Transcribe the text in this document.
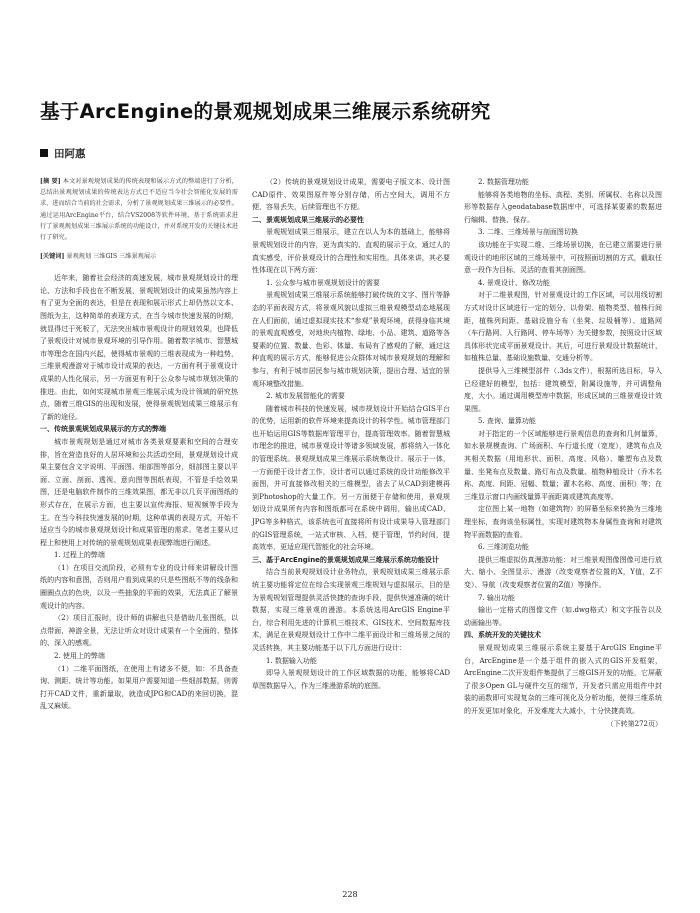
基于ArcEngine的景观规划成果三维展示系统研究
田阿惠

[摘 要] 本文对景观规划成果的传统表现和展示方式的弊端进行了分析，总结出景观规划成果的传统表达方式已不适应当今社会智能化发展的需求，进而结合当前的社会需求，分析了景观规划成果三维展示的必要性。通过运用ArcEngine平台，结合VS2008等软件环境，基于系统需求进行了景观规划成果三维展示系统的功能设计，并对系统开发的关键技术进行了研究。

[关键词] 景观规划 三维GIS 三维景观展示

近年来，随着社会经济的高速发展，城市景观规划设计的理论、方法和手段也在不断发展，景观规划设计的成果虽然内容上有了更为全面的表达，但是在表现和展示形式上却仍然以文本、图纸为主，这种简单的表现方式，在当今城市快速发展的时期，就显得过于死板了，无法突出城市景观设计的规划效果，也降低了景观设计对城市景观环境的引导作用。随着数字城市、智慧城市等理念在国内兴起，使得城市景观的三维表现成为一种趋势，三维景观漫游对于城市设计成果的表达，一方面有利于景观设计成果的人性化展示，另一方面更有利于公众参与城市规划决策的推进。由此，如何实现城市景观三维展示成为设计领域的研究热点，随着三维GIS的出现和发展，使得景观规划成果三维展示有了新的途径。

一、传统景观规划成果展示的方式的弊端

城市景观规划是通过对城市各类景观要素和空间的合理安排，旨在营造良好的人居环境和公共活动空间，景观规划设计成果主要包含文字说明、平面图、细部图等部分，细部图主要以平面、立面、剖面、透视、意向图等图纸表现，不管是手绘效果图，还是电脑软件制作的三维效果图，都无非以几页平面图纸的形式存在，在展示方面，也主要以宣传海报、短视频等手段为主。在当今科技快速发展的时期，这种单调的表现方式，开始不适应当今的城市景观规划设计和成果管理的需求。笔者主要从过程上和使用上对传统的景观规划成果表现弊端进行阐述。

1. 过程上的弊端

（1）在项目交流阶段，必须有专业的设计师来讲解设计图纸的内容和意图，否则用户看到成果的只是些图纸不等的线条和圈圈点点的色块，以及一些抽象的平面的效果，无法真正了解景观设计的内容。

（2）项目汇报时，设计师的讲解也只是借助几张图纸，以点带面，神游全景，无法让听众对设计成果有一个全面的、整体的、深入的感观。

2. 使用上的弊端

（1）二维平面图纸，在使用上有诸多不便，如：不具备查询、测距、统计等功能。如果用户需要知道一些细部数据，则需打开CAD文件，重新量取，就造成JPG和CAD的来回切换，混乱又麻烦。

（2）传统的景观规划设计成果，需要电子版文本、设计图CAD原件、效果图原件等分别存储，所占空间大，调用不方便，容易丢失，后续管理也不方便。

二、景观规划成果三维展示的必要性

景观规划成果三维展示，建立在以人为本的基础上，能够将景观规划设计的内容，更为真实的、直观的展示于众，通过人的真实感受，评价景观设计的合理性和实用性。具体来讲，其必要性体现在以下两方面：

1. 公众参与城市景观规划设计的需要

景观规划成果三维展示系统能够打破传统的文字、图片等静态的平面表现方式，将景观风貌以虚拟三维景观模型动态地展现在人们面前，通过虚拟现实技术“参观”景观环境，获得身临其境的景观直观感受，对地块内植物、绿地、小品、建筑、道路等各要素的位置、数量、色彩、体量、布局有了感观的了解，通过这种直观的展示方式，能够促进公众群体对城市景观规划的理解和参与，有利于城市居民参与城市规划决策，提出合理、适宜的景观环境整改措施。

2. 城市发展智能化的需要

随着城市科技的快速发展，城市规划设计开始结合GIS平台的优势，运用新的软件环境来提高设计的科学性。城市管理部门也开始运用GIS等数据库管理平台，提高管理效率。随着智慧城市理念的推进，城市景观设计等诸多领域发展，都将纳入一体化的管理系统。景观规划成果三维展示系统集设计、展示于一体，一方面便于设计者工作，设计者可以通过系统的设计功能修改平面图，并可直接修改相关的三维模型，省去了从CAD到建模再到Photoshop的大量工作。另一方面便于存储和使用，景观规划设计成果所有内容和图纸都可在系统中调用，输出成CAD、JPG等多种格式，该系统也可直接将所有设计成果导入管理部门的GIS管理系统，一站式审核、入档，便于管理，节约时间，提高效率，更适应现代智能化的社会环境。

三、基于ArcEngine的景观规划成果三维展示系统功能设计

结合当前景观规划设计业务特点，景观规划成果三维展示系统主要功能将定位在综合实现景观三维规划与虚拟展示，目的是为景观规划管理提供灵活快捷的查询手段，提供快速准确的统计数据，实现三维景观的漫游。本系统选用ArcGIS Engine平台，综合利用先进的计算机三维技术、GIS技术、空间数据库技术，满足在景观规划设计工作中二维平面设计和三维场景之间的灵活转换，其主要功能基于以下几方面进行设计：

1. 数据输入功能

即导入景观规划设计的工作区域数据的功能，能够将CAD草图数据导入，作为三维漫游系统的底图。

2. 数据管理功能

能够将各类地物的坐标、高程、类别、所属权、名称以及图形等数据存入geodatabase数据库中，可选择某要素的数据进行编辑、替换、保存。

3. 二维、三维场景与剖面图切换

该功能在于实现二维、三维场景切换，在已建立需要进行景观设计的地形区域的三维场景中，可按照面切割的方式，截取任意一段作为目标，灵活的查看其剖面图。

4. 景观设计、修改功能

对于二维景观图，针对景观设计的工作区域，可以用线切割方式对设计区域进行一定的划分，以骨架、植物类型、植株行间距，植株列间距、基础设施分布（坐凳、垃圾桶等）、道路网（车行路网、人行路网、停车场等）为关键参数，按照设计区域具体形状完成平面景观设计。其后，可进行景观设计数据统计，如植株总量、基础设施数量、交通分析等。

提供导入三维模型部件（.3ds文件），根据所选目标，导入已经建好的模型，包括：建筑模型，附属设施等，并可调整角度，大小。通过调用模型库中数据，形成区域的三维景观设计效果图。

5. 查询、量算功能

对于指定的一个区域能够进行景观信息的查询和几何量算，如水景规模查询、广场面积、车行道长度（宽度），建筑布点及其相关数据（用地形状、面积、高度、风格）、雕塑布点及数量、坐凳布点及数量、路灯布点及数量、植物种植设计（乔木名称、高度、间距、冠幅、数量；灌木名称、高度、面积）等；在三维显示窗口内画线量算平面距离或建筑高度等。

定位图上某一地物（如建筑物）的屏幕坐标来转换为三维地理坐标，查询该坐标属性，实现对建筑物本身属性查询和对建筑物平面数据的查看。

6. 三维浏览功能

提供三维虚拟仿真漫游功能：对三维景观图像图像可进行放大、缩小、全图显示、漫游（改变观察者位置的X，Y值，Z不变）、导航（改变观察者位置的Z值）等操作。

7. 输出功能

输出一定格式的图像文件（如.dwg格式）和文字报告以及动画输出等。

四、系统开发的关键技术

景观规划成果三维展示系统主要基于ArcGIS Engine平台，ArcEngine是一个基于组件的嵌入式的GIS开发框架，ArcEngine二次开发组件集提供了三维GIS开发的功能，它屏蔽了很多Open GL与硬件交互的细节，开发者只需应用组件中封装的函数即可实现复杂的三维可视化及分析功能，使得三维系统的开发更加对象化，开发难度大大减小，十分快捷高效。

（下转第272页）

228
